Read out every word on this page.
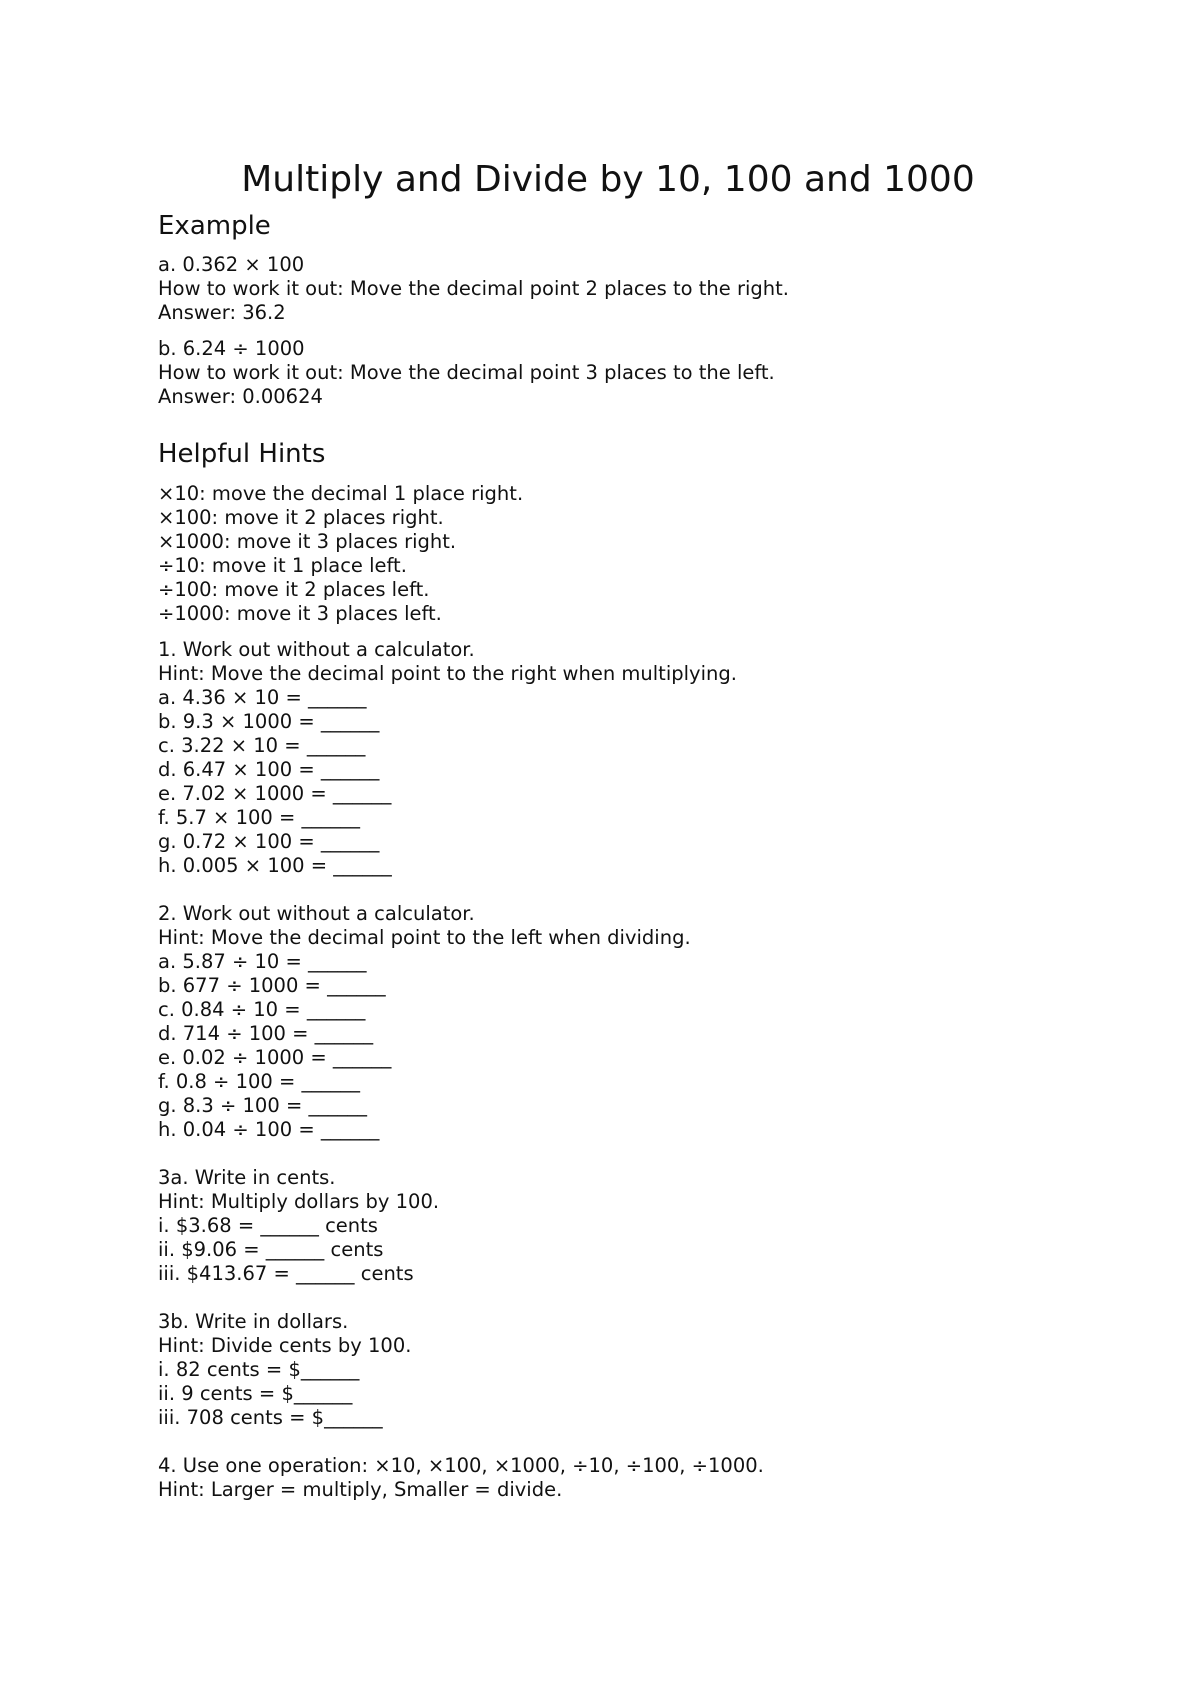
Multiply and Divide by 10, 100 and 1000
Example
a. 0.362 × 100
How to work it out: Move the decimal point 2 places to the right.
Answer: 36.2
b. 6.24 ÷ 1000
How to work it out: Move the decimal point 3 places to the left.
Answer: 0.00624
Helpful Hints
×10: move the decimal 1 place right.
×100: move it 2 places right.
×1000: move it 3 places right.
÷10: move it 1 place left.
÷100: move it 2 places left.
÷1000: move it 3 places left.
1. Work out without a calculator.
Hint: Move the decimal point to the right when multiplying.
a. 4.36 × 10 = ______
b. 9.3 × 1000 = ______
c. 3.22 × 10 = ______
d. 6.47 × 100 = ______
e. 7.02 × 1000 = ______
f. 5.7 × 100 = ______
g. 0.72 × 100 = ______
h. 0.005 × 100 = ______
2. Work out without a calculator.
Hint: Move the decimal point to the left when dividing.
a. 5.87 ÷ 10 = ______
b. 677 ÷ 1000 = ______
c. 0.84 ÷ 10 = ______
d. 714 ÷ 100 = ______
e. 0.02 ÷ 1000 = ______
f. 0.8 ÷ 100 = ______
g. 8.3 ÷ 100 = ______
h. 0.04 ÷ 100 = ______
3a. Write in cents.
Hint: Multiply dollars by 100.
i. $3.68 = ______ cents
ii. $9.06 = ______ cents
iii. $413.67 = ______ cents
3b. Write in dollars.
Hint: Divide cents by 100.
i. 82 cents = $______
ii. 9 cents = $______
iii. 708 cents = $______
4. Use one operation: ×10, ×100, ×1000, ÷10, ÷100, ÷1000.
Hint: Larger = multiply, Smaller = divide.
